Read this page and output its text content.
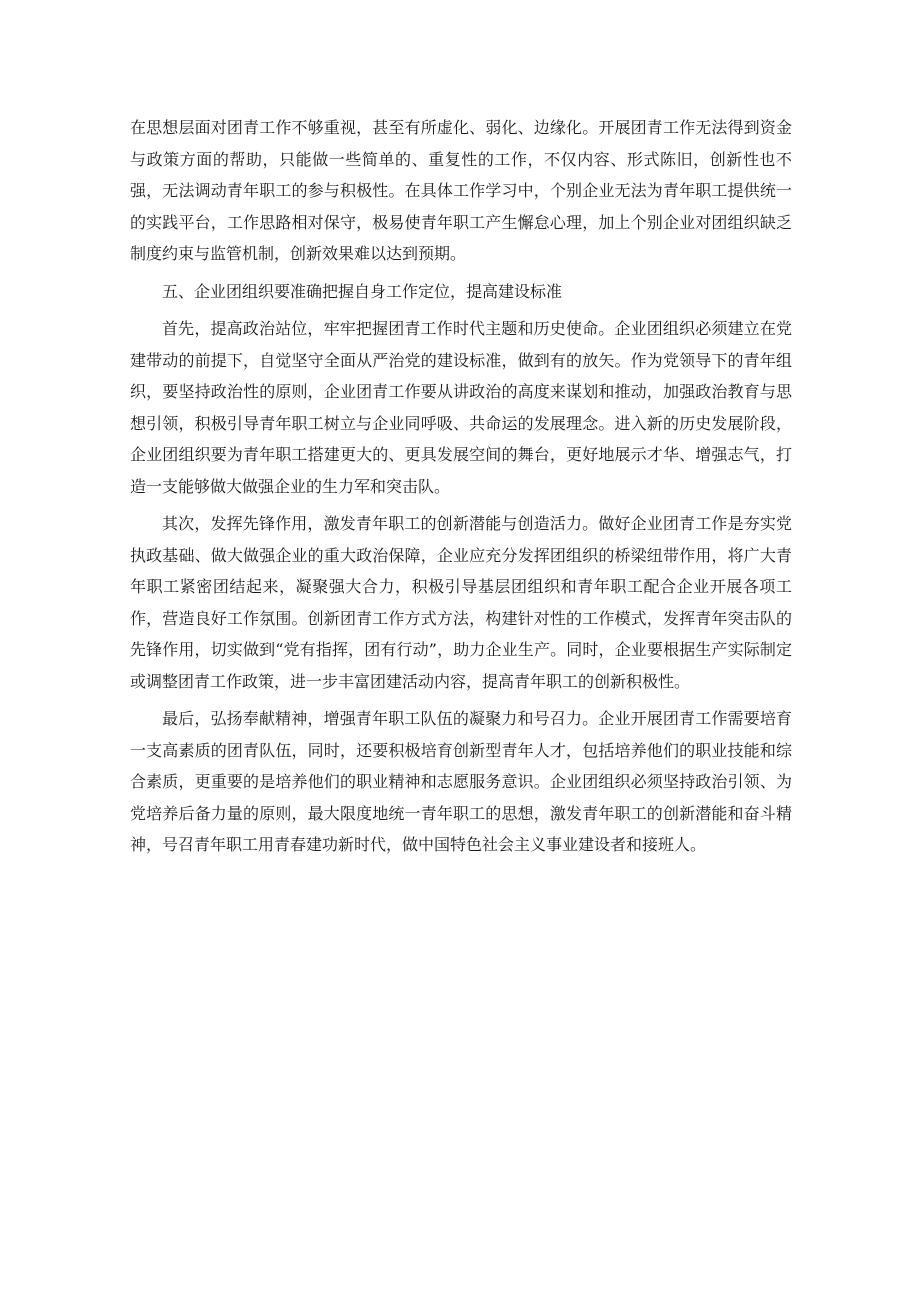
在思想层面对团青工作不够重视，甚至有所虚化、弱化、边缘化。开展团青工作无法得到资金与政策方面的帮助，只能做一些简单的、重复性的工作，不仅内容、形式陈旧，创新性也不强，无法调动青年职工的参与积极性。在具体工作学习中，个别企业无法为青年职工提供统一的实践平台，工作思路相对保守，极易使青年职工产生懈怠心理，加上个别企业对团组织缺乏制度约束与监管机制，创新效果难以达到预期。

五、企业团组织要准确把握自身工作定位，提高建设标准

首先，提高政治站位，牢牢把握团青工作时代主题和历史使命。企业团组织必须建立在党建带动的前提下，自觉坚守全面从严治党的建设标准，做到有的放矢。作为党领导下的青年组织，要坚持政治性的原则，企业团青工作要从讲政治的高度来谋划和推动，加强政治教育与思想引领，积极引导青年职工树立与企业同呼吸、共命运的发展理念。进入新的历史发展阶段，企业团组织要为青年职工搭建更大的、更具发展空间的舞台，更好地展示才华、增强志气，打造一支能够做大做强企业的生力军和突击队。

其次，发挥先锋作用，激发青年职工的创新潜能与创造活力。做好企业团青工作是夯实党执政基础、做大做强企业的重大政治保障，企业应充分发挥团组织的桥梁纽带作用，将广大青年职工紧密团结起来，凝聚强大合力，积极引导基层团组织和青年职工配合企业开展各项工作，营造良好工作氛围。创新团青工作方式方法，构建针对性的工作模式，发挥青年突击队的先锋作用，切实做到“党有指挥，团有行动”，助力企业生产。同时，企业要根据生产实际制定或调整团青工作政策，进一步丰富团建活动内容，提高青年职工的创新积极性。

最后，弘扬奉献精神，增强青年职工队伍的凝聚力和号召力。企业开展团青工作需要培育一支高素质的团青队伍，同时，还要积极培育创新型青年人才，包括培养他们的职业技能和综合素质，更重要的是培养他们的职业精神和志愿服务意识。企业团组织必须坚持政治引领、为党培养后备力量的原则，最大限度地统一青年职工的思想，激发青年职工的创新潜能和奋斗精神，号召青年职工用青春建功新时代，做中国特色社会主义事业建设者和接班人。
